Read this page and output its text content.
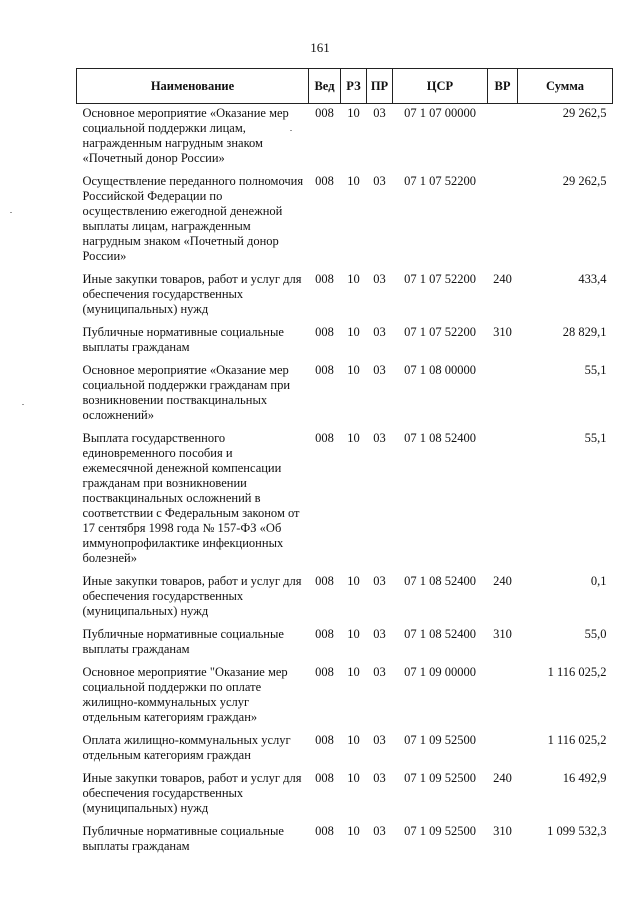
161
Наименование	Вед	РЗ	ПР	ЦСР	ВР	Сумма
Основное мероприятие «Оказание мер социальной поддержки лицам, награжденным нагрудным знаком «Почетный донор России»	008	10	03	07 1 07 00000		29 262,5
Осуществление переданного полномочия Российской Федерации по осуществлению ежегодной денежной выплаты лицам, награжденным нагрудным знаком «Почетный донор России»	008	10	03	07 1 07 52200		29 262,5
Иные закупки товаров, работ и услуг для обеспечения государственных (муниципальных) нужд	008	10	03	07 1 07 52200	240	433,4
Публичные нормативные социальные выплаты гражданам	008	10	03	07 1 07 52200	310	28 829,1
Основное мероприятие «Оказание мер социальной поддержки гражданам при возникновении поствакцинальных осложнений»	008	10	03	07 1 08 00000		55,1
Выплата государственного единовременного пособия и ежемесячной денежной компенсации гражданам при возникновении поствакцинальных осложнений в соответствии с Федеральным законом от 17 сентября 1998 года № 157-ФЗ «Об иммунопрофилактике инфекционных болезней»	008	10	03	07 1 08 52400		55,1
Иные закупки товаров, работ и услуг для обеспечения государственных (муниципальных) нужд	008	10	03	07 1 08 52400	240	0,1
Публичные нормативные социальные выплаты гражданам	008	10	03	07 1 08 52400	310	55,0
Основное мероприятие "Оказание мер социальной поддержки по оплате жилищно-коммунальных услуг отдельным категориям граждан»	008	10	03	07 1 09 00000		1 116 025,2
Оплата жилищно-коммунальных услуг отдельным категориям граждан	008	10	03	07 1 09 52500		1 116 025,2
Иные закупки товаров, работ и услуг для обеспечения государственных (муниципальных) нужд	008	10	03	07 1 09 52500	240	16 492,9
Публичные нормативные социальные выплаты гражданам	008	10	03	07 1 09 52500	310	1 099 532,3
